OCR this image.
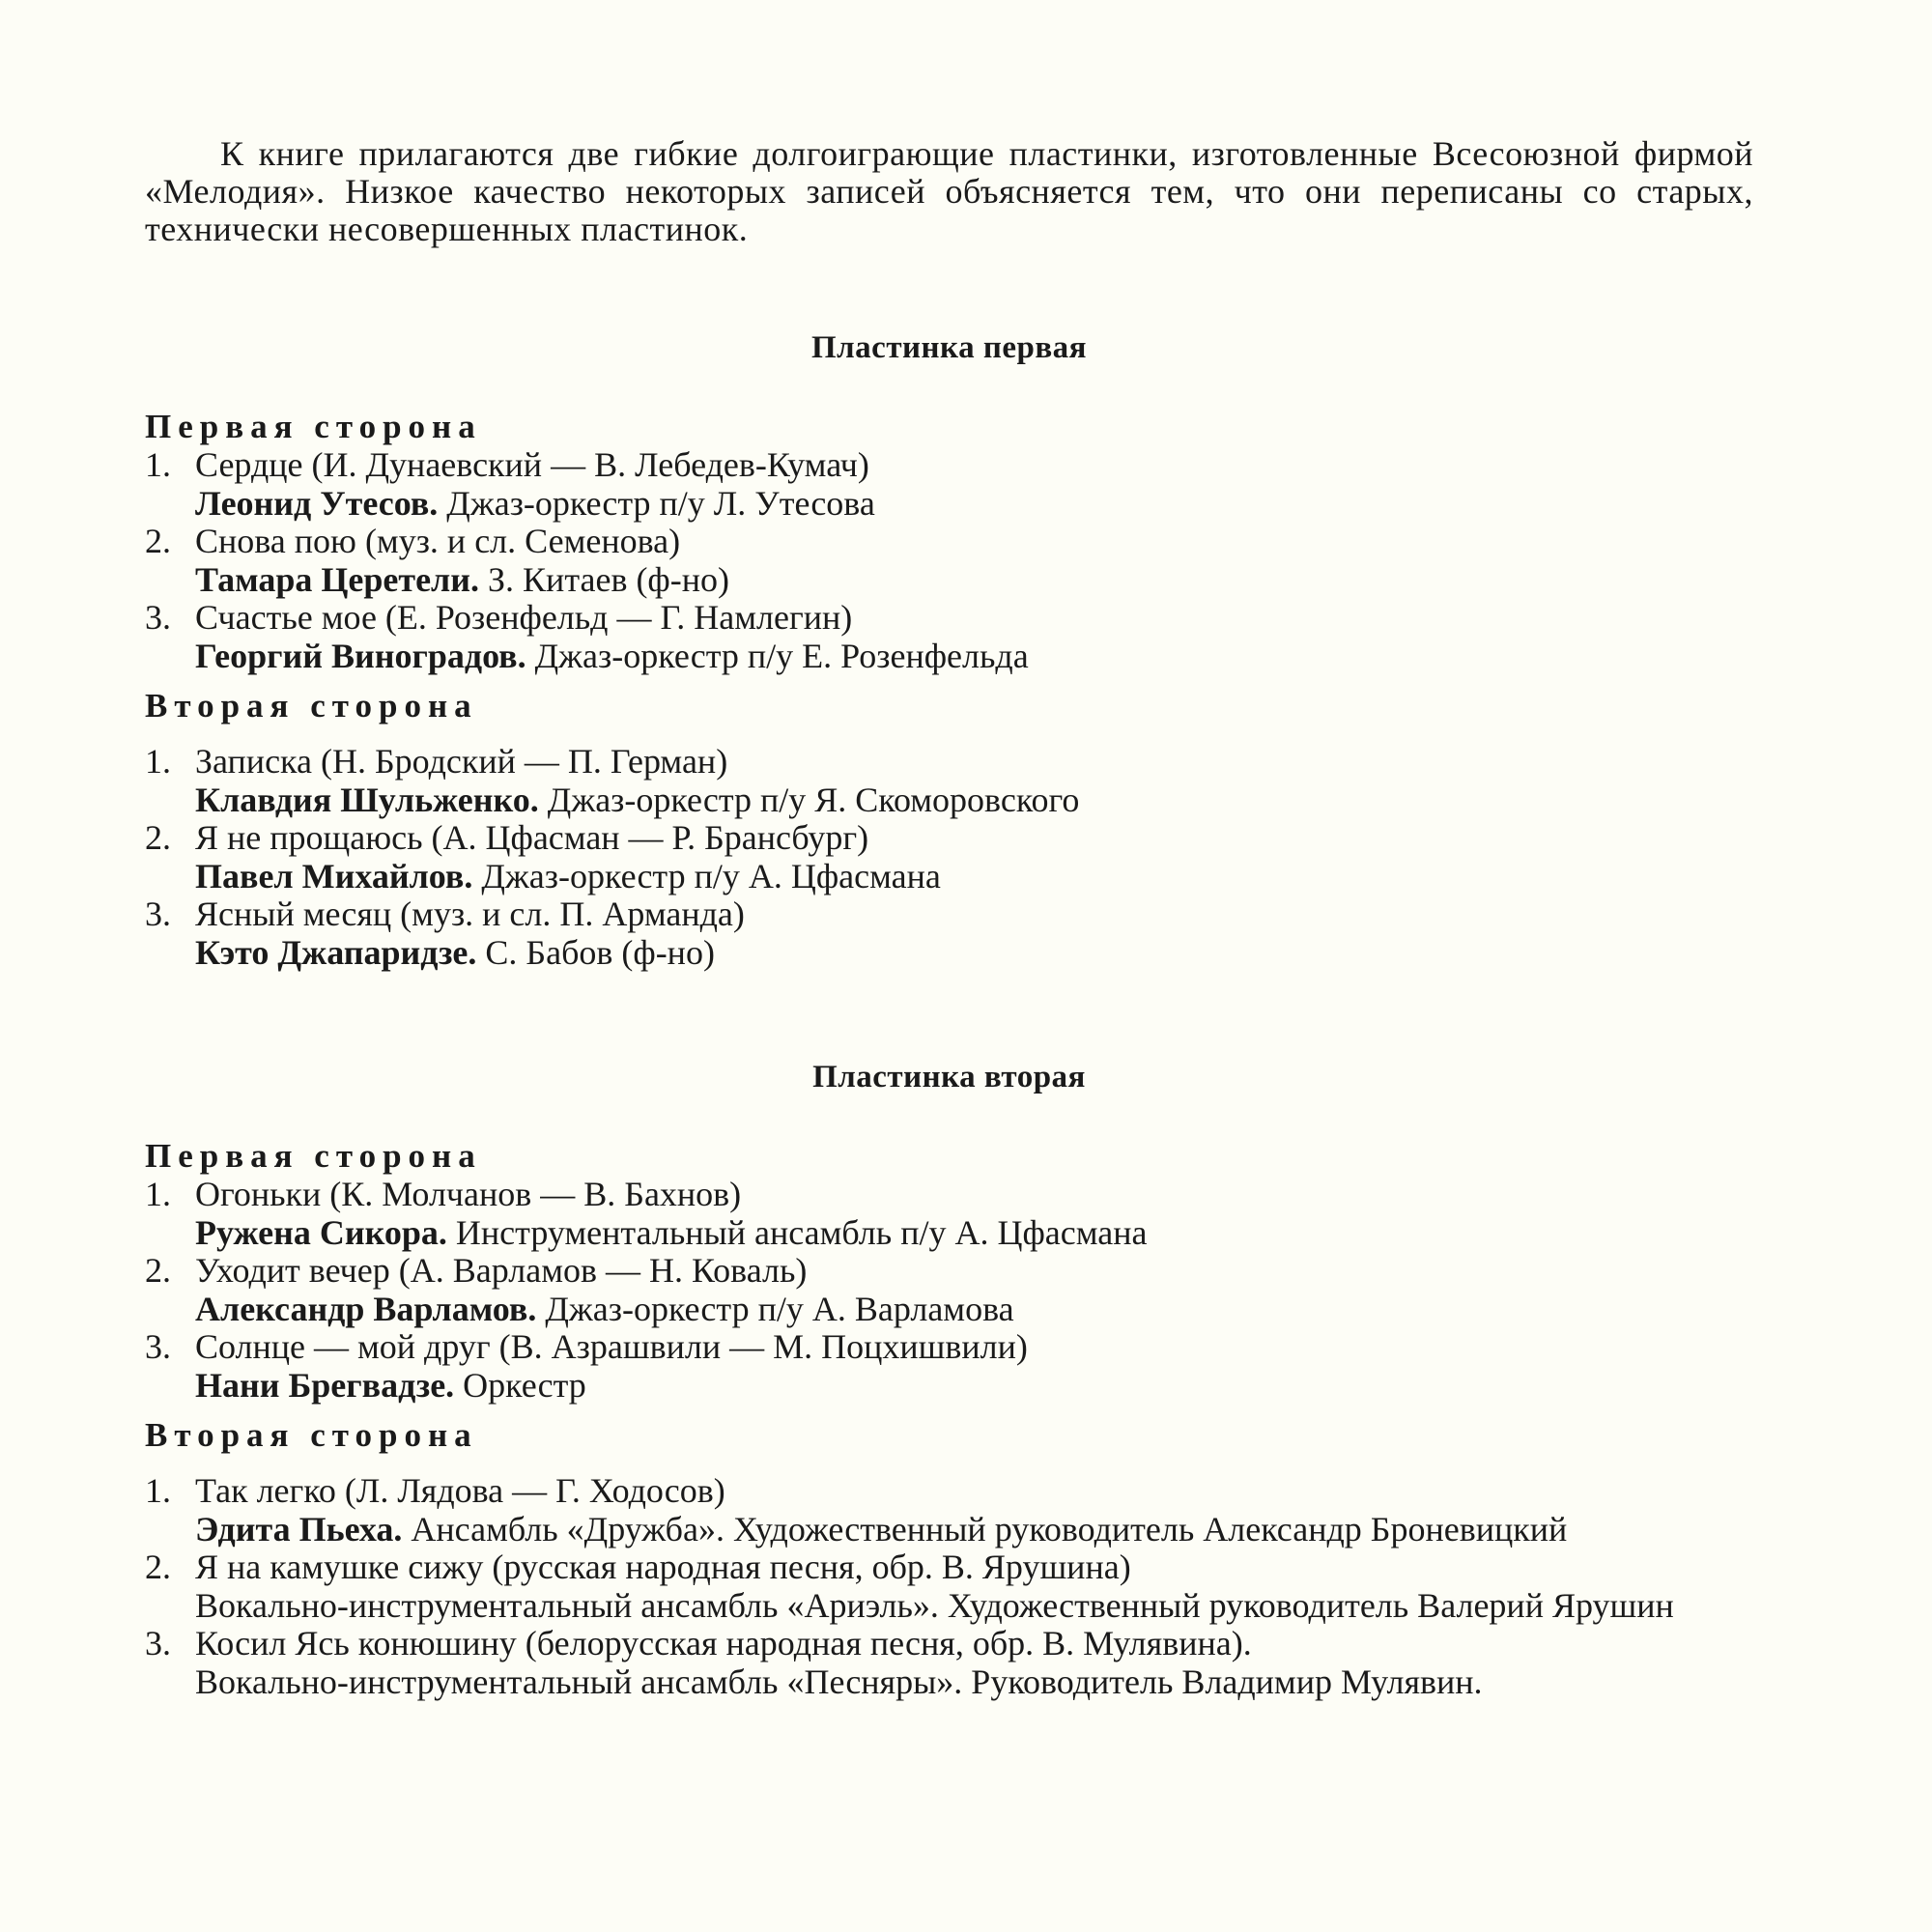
К книге прилагаются две гибкие долгоиграющие пластинки, изготовленные Всесоюзной фирмой «Мелодия». Низкое качество некоторых записей объясняется тем, что они переписаны со старых, технически несовершенных пластинок.

Пластинка первая
Первая сторона
1. Сердце (И. Дунаевский — В. Лебедев-Кумач)
Леонид Утесов. Джаз-оркестр п/у Л. Утесова
2. Снова пою (муз. и сл. Семенова)
Тамара Церетели. З. Китаев (ф-но)
3. Счастье мое (Е. Розенфельд — Г. Намлегин)
Георгий Виноградов. Джаз-оркестр п/у Е. Розенфельда
Вторая сторона
1. Записка (Н. Бродский — П. Герман)
Клавдия Шульженко. Джаз-оркестр п/у Я. Скоморовского
2. Я не прощаюсь (А. Цфасман — Р. Брансбург)
Павел Михайлов. Джаз-оркестр п/у А. Цфасмана
3. Ясный месяц (муз. и сл. П. Арманда)
Кэто Джапаридзе. С. Бабов (ф-но)
Пластинка вторая
Первая сторона
1. Огоньки (К. Молчанов — В. Бахнов)
Ружена Сикора. Инструментальный ансамбль п/у А. Цфасмана
2. Уходит вечер (А. Варламов — Н. Коваль)
Александр Варламов. Джаз-оркестр п/у А. Варламова
3. Солнце — мой друг (В. Азрашвили — М. Поцхишвили)
Нани Брегвадзе. Оркестр
Вторая сторона
1. Так легко (Л. Лядова — Г. Ходосов)
Эдита Пьеха. Ансамбль «Дружба». Художественный руководитель Александр Броневицкий
2. Я на камушке сижу (русская народная песня, обр. В. Ярушина)
Вокально-инструментальный ансамбль «Ариэль». Художественный руководитель Валерий Ярушин
3. Косил Ясь конюшину (белорусская народная песня, обр. В. Мулявина).
Вокально-инструментальный ансамбль «Песняры». Руководитель Владимир Мулявин.
